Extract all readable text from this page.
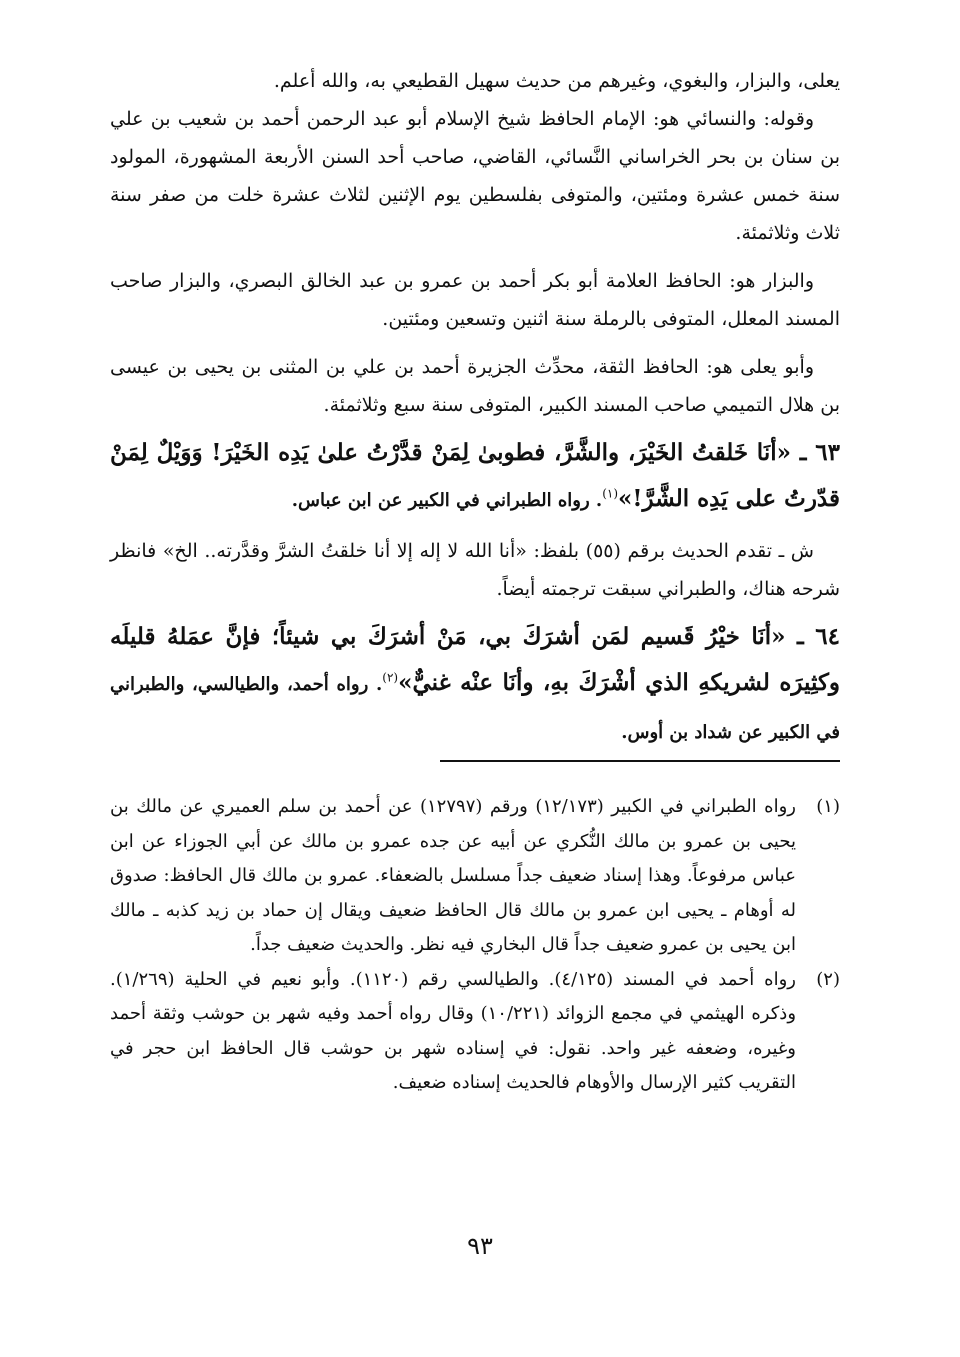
يعلى، والبزار، والبغوي، وغيرهم من حديث سهيل القطيعي به، والله أعلم.

وقوله: والنسائي هو: الإمام الحافظ شيخ الإسلام أبو عبد الرحمن أحمد بن شعيب بن علي بن سنان بن بحر الخراساني النَّسائي، القاضي، صاحب أحد السنن الأربعة المشهورة، المولود سنة خمس عشرة ومئتين، والمتوفى بفلسطين يوم الإثنين لثلاث عشرة خلت من صفر سنة ثلاث وثلاثمئة.

والبزار هو: الحافظ العلامة أبو بكر أحمد بن عمرو بن عبد الخالق البصري، والبزار صاحب المسند المعلل، المتوفى بالرملة سنة اثنين وتسعين ومئتين.

وأبو يعلى هو: الحافظ الثقة، محدِّث الجزيرة أحمد بن علي بن المثنى بن يحيى بن عيسى بن هلال التميمي صاحب المسند الكبير، المتوفى سنة سبع وثلاثمئة.

٦٣ ـ «أنَا خَلقتُ الخَيْرَ، والشَّرَّ، فطوبىٰ لِمَنْ قدَّرْتُ علىٰ يَدِه الخَيْرَ! وَوَيْلٌ لِمَنْ قدّرتُ على يَدِه الشَّرَّ!»$^{(١)}$. رواه الطبراني في الكبير عن ابن عباس.

ش ـ تقدم الحديث برقم (٥٥) بلفظ: «أنا الله لا إله إلا أنا خلقتُ الشرَّ وقدَّرته.. الخ» فانظر شرحه هناك، والطبراني سبقت ترجمته أيضاً.

٦٤ ـ «أنَا خيْرُ قَسيم لمَن أشرَكَ بي، مَنْ أشرَكَ بي شيئاً؛ فإنَّ عمَلهُ قليلَه وكثِيرَه لشريكهِ الذي أشْرَكَ بهِ، وأنَا عنْه غنيٌّ»$^{(٢)}$. رواه أحمد، والطيالسي، والطبراني في الكبير عن شداد بن أوس.

(١)

رواه الطبراني في الكبير (١٢/١٧٣) ورقم (١٢٧٩٧) عن أحمد بن سلم العميري عن مالك بن يحيى بن عمرو بن مالك النُّكري عن أبيه عن جده عمرو بن مالك عن أبي الجوزاء عن ابن عباس مرفوعاً. وهذا إسناد ضعيف جداً مسلسل بالضعفاء. عمرو بن مالك قال الحافظ: صدوق له أوهام ـ يحيى ابن عمرو بن مالك قال الحافظ ضعيف ويقال إن حماد بن زيد كذبه ـ مالك ابن يحيى بن عمرو ضعيف جداً قال البخاري فيه نظر. والحديث ضعيف جداً.

(٢)

رواه أحمد في المسند (٤/١٢٥). والطيالسي رقم (١١٢٠). وأبو نعيم في الحلية (١/٢٦٩). وذكره الهيثمي في مجمع الزوائد (١٠/٢٢١) وقال رواه أحمد وفيه شهر بن حوشب وثقة أحمد وغيره، وضعفه غير واحد. نقول: في إسناده شهر بن حوشب قال الحافظ ابن حجر في التقريب كثير الإرسال والأوهام فالحديث إسناده ضعيف.

٩٣
